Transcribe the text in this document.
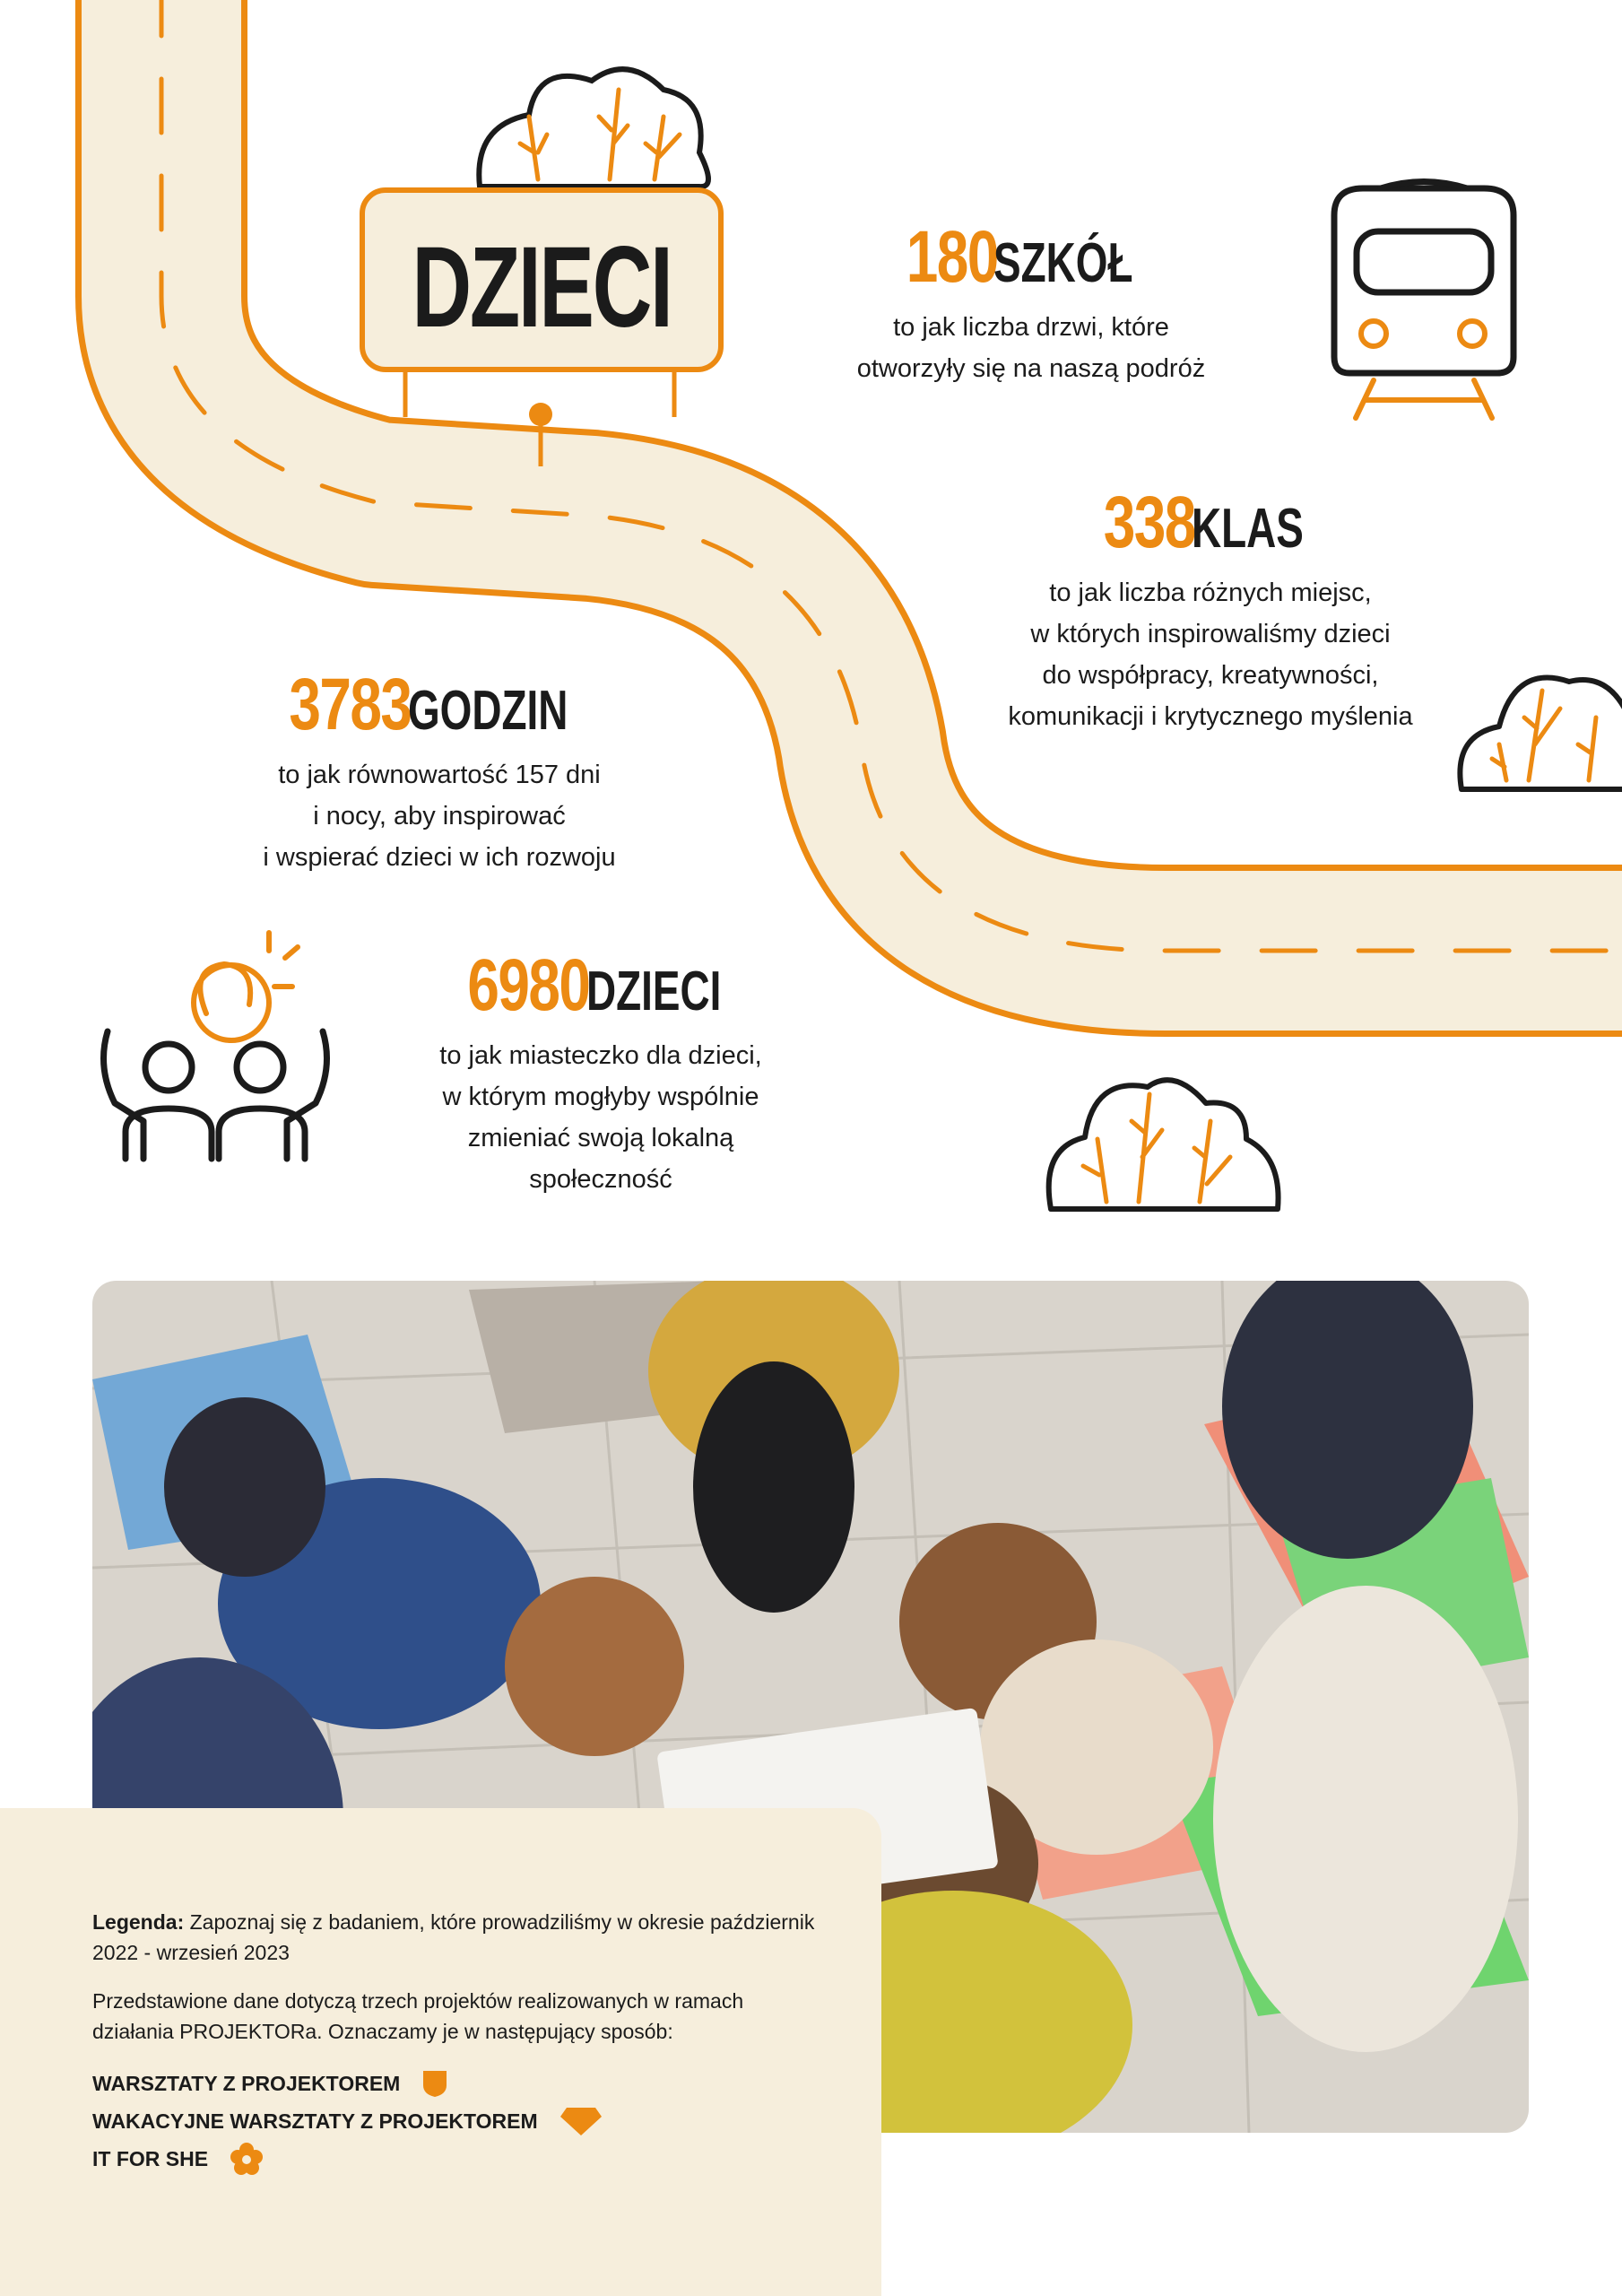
DZIECI	180SZKÓŁ
to jak liczba drzwi, które
otworzyły się na naszą podróż
338KLAS
to jak liczba różnych miejsc,
w których inspirowaliśmy dzieci
do współpracy, kreatywności,
komunikacji i krytycznego myślenia
3783GODZIN
to jak równowartość 157 dni
i nocy, aby inspirować
i wspierać dzieci w ich rozwoju
6980DZIECI
to jak miasteczko dla dzieci,
w którym mogłyby wspólnie
zmieniać swoją lokalną
społeczność

Legenda: Zapoznaj się z badaniem, które prowadziliśmy w okresie październik 2022 - wrzesień 2023

Przedstawione dane dotyczą trzech projektów realizowanych w ramach działania PROJEKTORa. Oznaczamy je w następujący sposób:

WARSZTATY Z PROJEKTOREM
WAKACYJNE WARSZTATY Z PROJEKTOREM
IT FOR SHE
